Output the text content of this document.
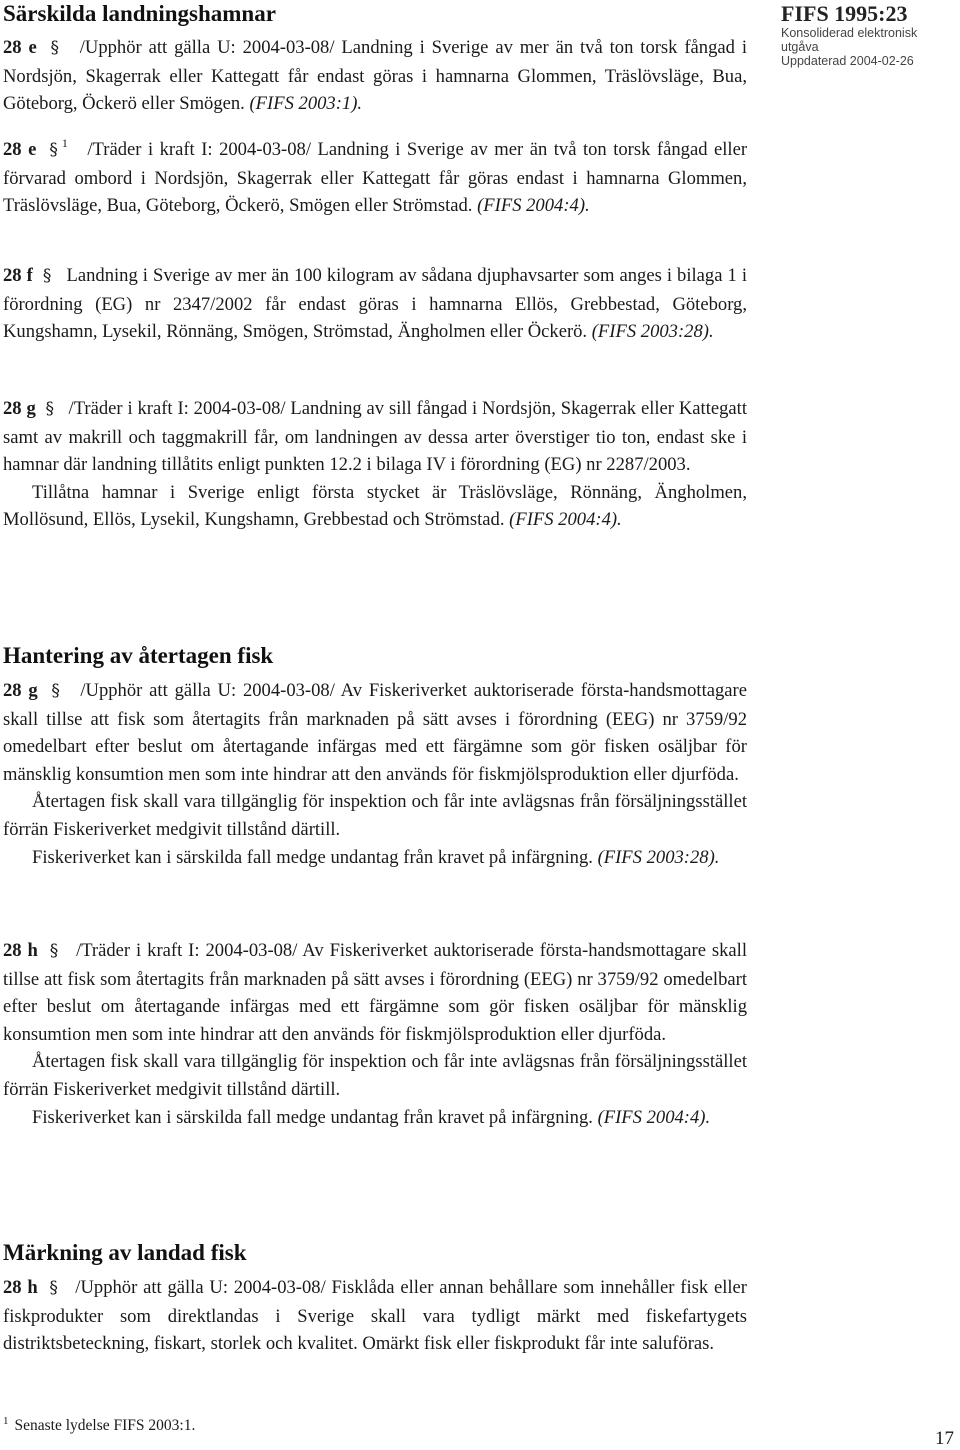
FIFS 1995:23
Konsoliderad elektronisk
utgåva
Uppdaterad 2004-02-26
Särskilda landningshamnar

28 e § /Upphör att gälla U: 2004-03-08/ Landning i Sverige av mer än två ton torsk fångad i Nordsjön, Skagerrak eller Kattegatt får endast göras i hamnarna Glommen, Träslövsläge, Bua, Göteborg, Öckerö eller Smögen. (FIFS 2003:1).

28 e § $^1$ /Träder i kraft I: 2004-03-08/ Landning i Sverige av mer än två ton torsk fångad eller förvarad ombord i Nordsjön, Skagerrak eller Kattegatt får göras endast i hamnarna Glommen, Träslövsläge, Bua, Göteborg, Öckerö, Smögen eller Strömstad. (FIFS 2004:4).

28 f § Landning i Sverige av mer än 100 kilogram av sådana djuphavsarter som anges i bilaga 1 i förordning (EG) nr 2347/2002 får endast göras i hamnarna Ellös, Grebbestad, Göteborg, Kungshamn, Lysekil, Rönnäng, Smögen, Strömstad, Ängholmen eller Öckerö. (FIFS 2003:28).

28 g § /Träder i kraft I: 2004-03-08/ Landning av sill fångad i Nordsjön, Skagerrak eller Kattegatt samt av makrill och taggmakrill får, om landningen av dessa arter överstiger tio ton, endast ske i hamnar där landning tillåtits enligt punkten 12.2 i bilaga IV i förordning (EG) nr 2287/2003.

Tillåtna hamnar i Sverige enligt första stycket är Träslövsläge, Rönnäng, Ängholmen, Mollösund, Ellös, Lysekil, Kungshamn, Grebbestad och Strömstad. (FIFS 2004:4).

Hantering av återtagen fisk

28 g § /Upphör att gälla U: 2004-03-08/ Av Fiskeriverket auktoriserade första-handsmottagare skall tillse att fisk som återtagits från marknaden på sätt avses i förordning (EEG) nr 3759/92 omedelbart efter beslut om återtagande infärgas med ett färgämne som gör fisken osäljbar för mänsklig konsumtion men som inte hindrar att den används för fiskmjölsproduktion eller djurföda.

Återtagen fisk skall vara tillgänglig för inspektion och får inte avlägsnas från försäljningsstället förrän Fiskeriverket medgivit tillstånd därtill.

Fiskeriverket kan i särskilda fall medge undantag från kravet på infärgning. (FIFS 2003:28).

28 h § /Träder i kraft I: 2004-03-08/ Av Fiskeriverket auktoriserade första-handsmottagare skall tillse att fisk som återtagits från marknaden på sätt avses i förordning (EEG) nr 3759/92 omedelbart efter beslut om återtagande infärgas med ett färgämne som gör fisken osäljbar för mänsklig konsumtion men som inte hindrar att den används för fiskmjölsproduktion eller djurföda.

Återtagen fisk skall vara tillgänglig för inspektion och får inte avlägsnas från försäljningsstället förrän Fiskeriverket medgivit tillstånd därtill.

Fiskeriverket kan i särskilda fall medge undantag från kravet på infärgning. (FIFS 2004:4).

Märkning av landad fisk

28 h § /Upphör att gälla U: 2004-03-08/ Fisklåda eller annan behållare som innehåller fisk eller fiskprodukter som direktlandas i Sverige skall vara tydligt märkt med fiskefartygets distriktsbeteckning, fiskart, storlek och kvalitet. Omärkt fisk eller fiskprodukt får inte saluföras.

$^1$ Senaste lydelse FIFS 2003:1.
17
